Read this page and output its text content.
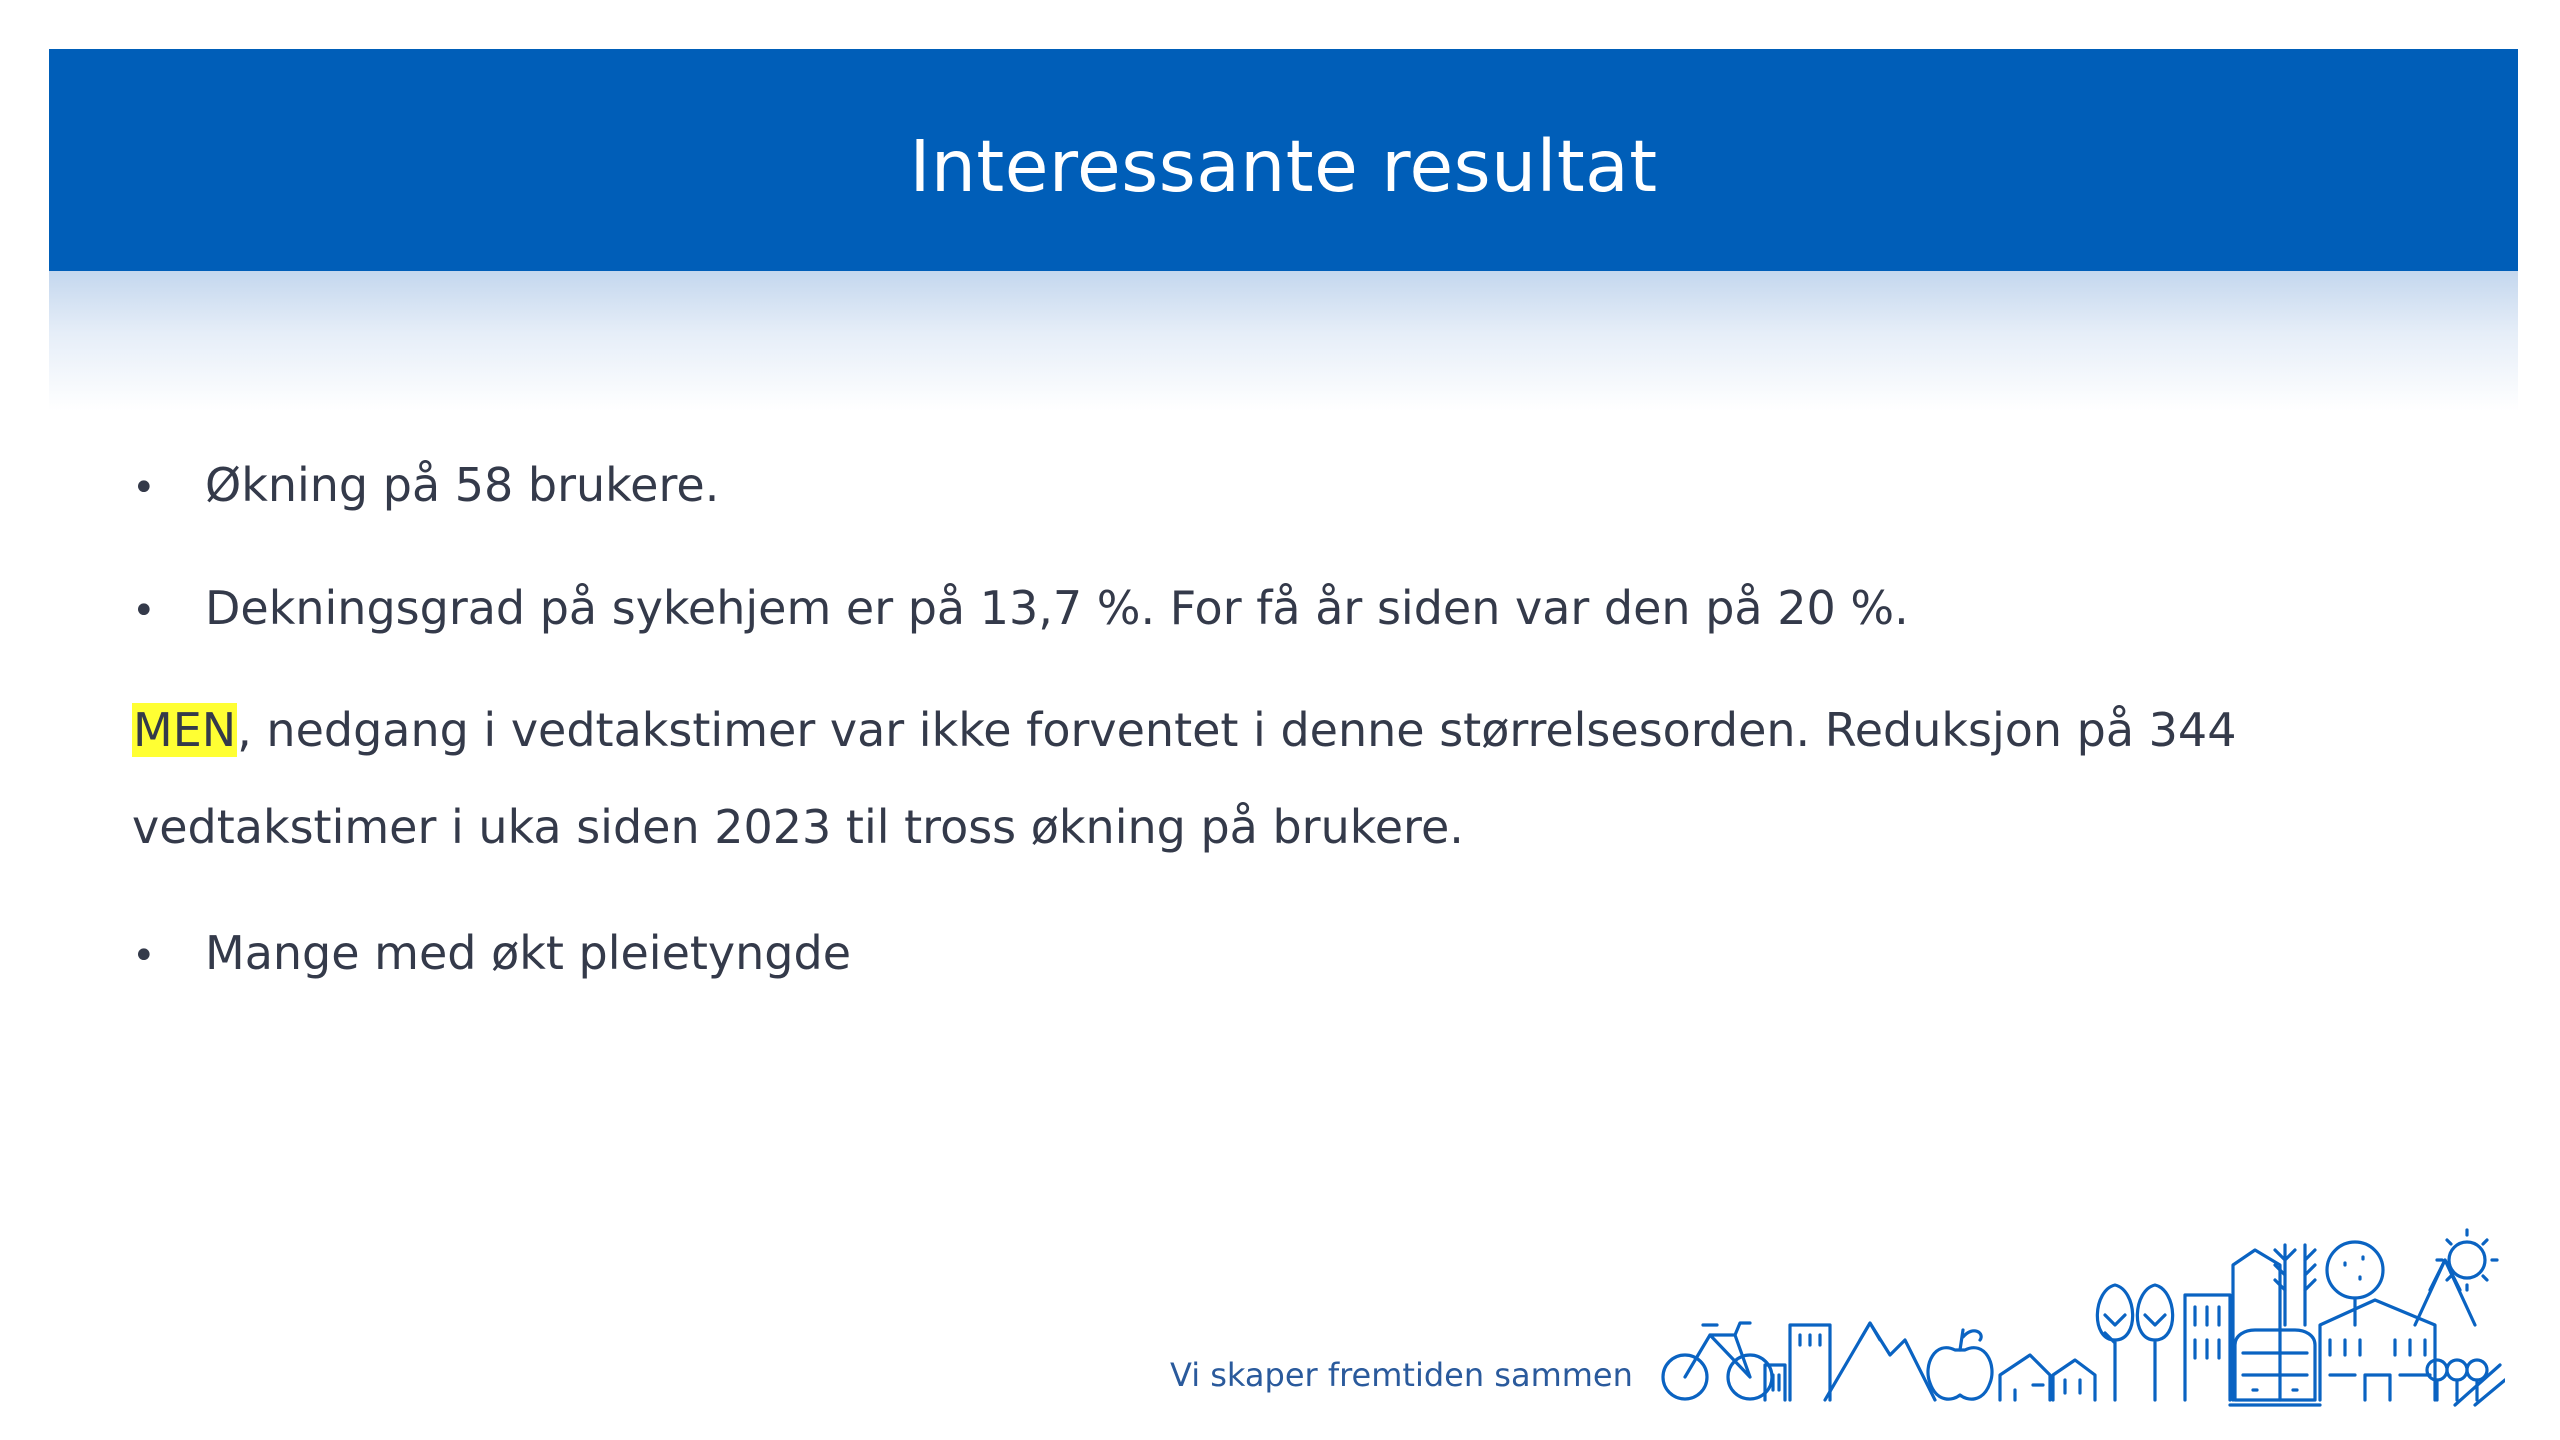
Interessante resultat
•	Økning på 58 brukere.
•	Dekningsgrad på sykehjem er på 13,7 %. For få år siden var den på 20 %.
MEN, nedgang i vedtakstimer var ikke forventet i denne størrelsesorden. Reduksjon på 344
vedtakstimer i uka siden 2023 til tross økning på brukere.
•	Mange med økt pleietyngde
Vi skaper fremtiden sammen
